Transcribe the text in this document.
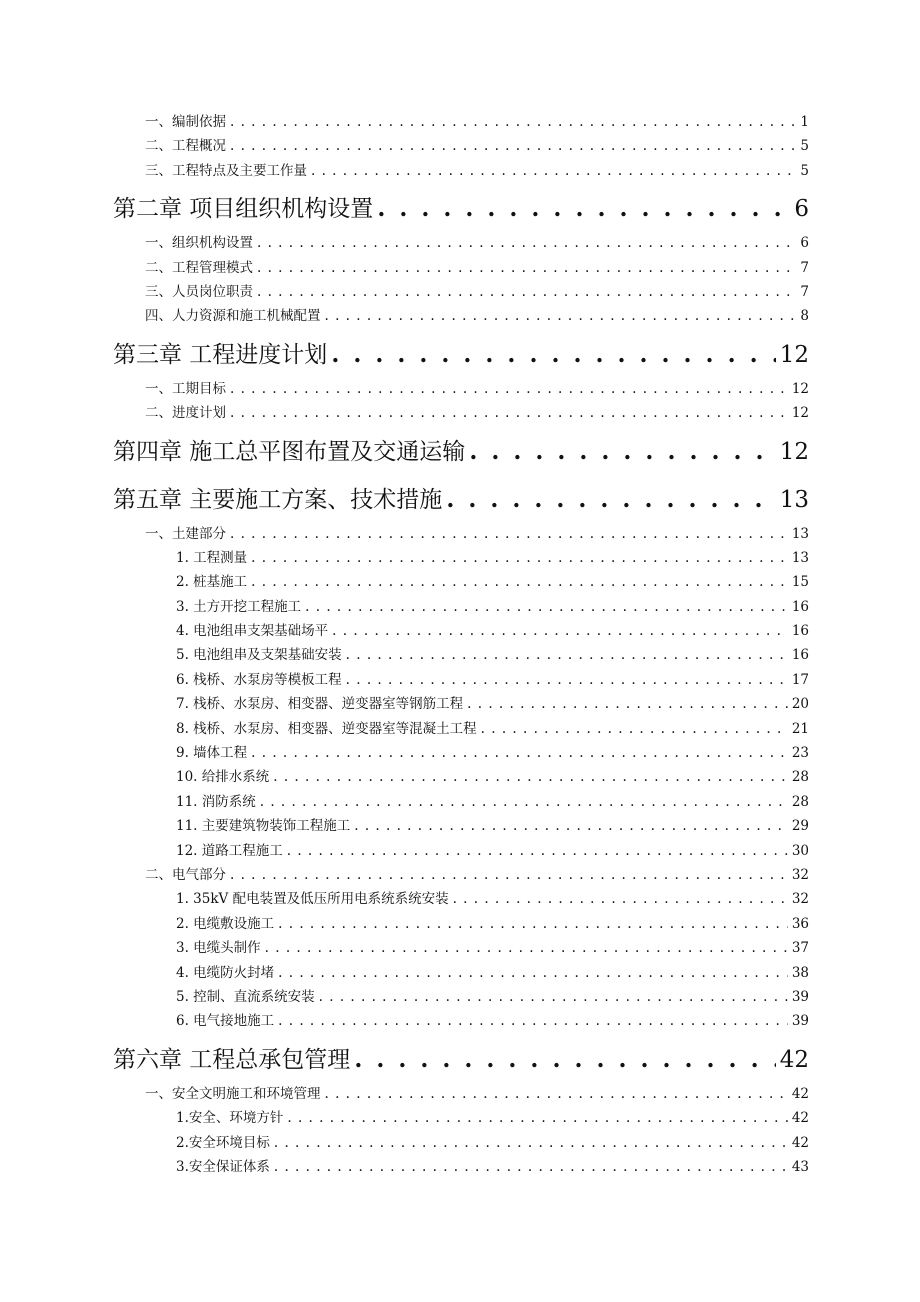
一、编制依据 . . .	1
二、工程概况 . . .	5
三、工程特点及主要工作量 . . .	5
第二章 项目组织机构设置 . . .	6
一、组织机构设置 . . .	6
二、工程管理模式 . . .	7
三、人员岗位职责 . . .	7
四、人力资源和施工机械配置 . . .	8
第三章 工程进度计划 . . .	12
一、工期目标 . . .	12
二、进度计划 . . .	12
第四章 施工总平图布置及交通运输 . . .	12
第五章 主要施工方案、技术措施 . . .	13
一、土建部分 . . .	13
1. 工程测量 . . .	13
2. 桩基施工 . . .	15
3. 土方开挖工程施工 . . .	16
4. 电池组串支架基础场平 . . .	16
5. 电池组串及支架基础安装 . . .	16
6. 栈桥、水泵房等模板工程 . . .	17
7. 栈桥、水泵房、相变器、逆变器室等钢筋工程 . . .	20
8. 栈桥、水泵房、相变器、逆变器室等混凝土工程 . . .	21
9. 墙体工程 . . .	23
10. 给排水系统 . . .	28
11. 消防系统 . . .	28
11. 主要建筑物装饰工程施工 . . .	29
12. 道路工程施工 . . .	30
二、电气部分 . . .	32
1. 35kV 配电装置及低压所用电系统系统安装 . . .	32
2. 电缆敷设施工 . . .	36
3. 电缆头制作 . . .	37
4. 电缆防火封堵 . . .	38
5. 控制、直流系统安装 . . .	39
6. 电气接地施工 . . .	39
第六章 工程总承包管理 . . .	42
一、安全文明施工和环境管理 . . .	42
1.安全、环境方针 . . .	42
2.安全环境目标 . . .	42
3.安全保证体系 . . .	43
